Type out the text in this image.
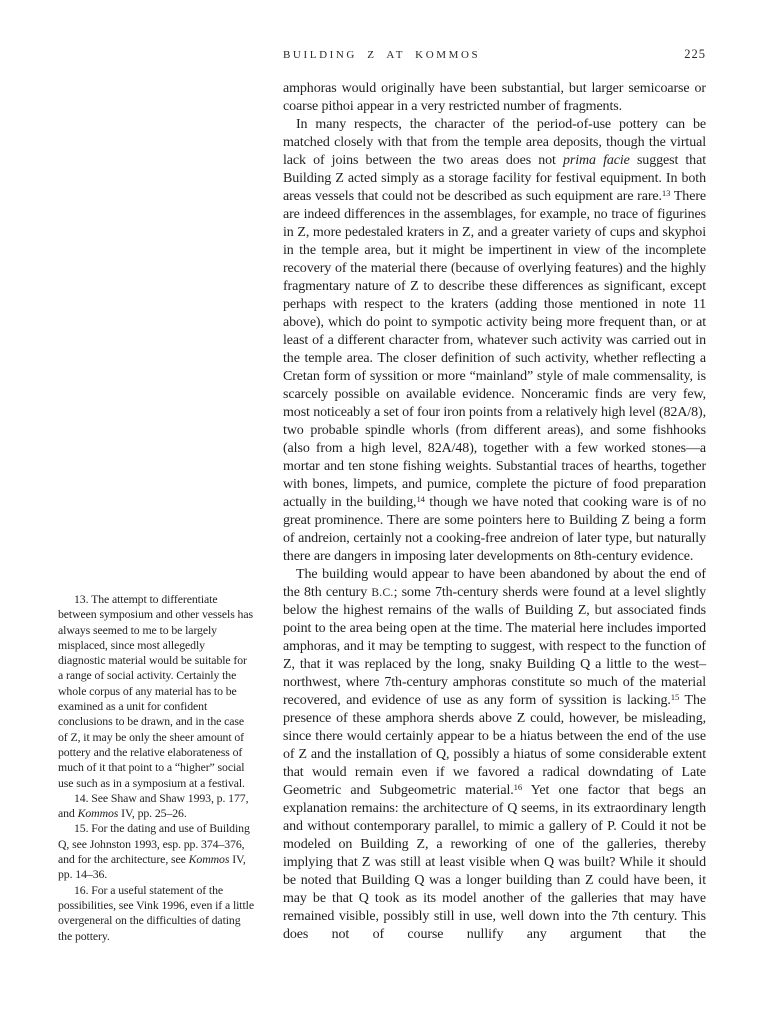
BUILDING Z AT KOMMOS	225

amphoras would originally have been substantial, but larger semicoarse or coarse pithoi appear in a very restricted number of fragments.

In many respects, the character of the period-of-use pottery can be matched closely with that from the temple area deposits, though the virtual lack of joins between the two areas does not prima facie suggest that Building Z acted simply as a storage facility for festival equipment. In both areas vessels that could not be described as such equipment are rare.$^{13}$ There are indeed differences in the assemblages, for example, no trace of figurines in Z, more pedestaled kraters in Z, and a greater variety of cups and skyphoi in the temple area, but it might be impertinent in view of the incomplete recovery of the material there (because of overlying features) and the highly fragmentary nature of Z to describe these differences as significant, except perhaps with respect to the kraters (adding those mentioned in note 11 above), which do point to sympotic activity being more frequent than, or at least of a different character from, whatever such activity was carried out in the temple area. The closer definition of such activity, whether reflecting a Cretan form of syssition or more “mainland” style of male commensality, is scarcely possible on available evidence. Nonceramic finds are very few, most noticeably a set of four iron points from a relatively high level (82A/8), two probable spindle whorls (from different areas), and some fishhooks (also from a high level, 82A/48), together with a few worked stones—a mortar and ten stone fishing weights. Substantial traces of hearths, together with bones, limpets, and pumice, complete the picture of food preparation actually in the building,$^{14}$ though we have noted that cooking ware is of no great prominence. There are some pointers here to Building Z being a form of andreion, certainly not a cooking-free andreion of later type, but naturally there are dangers in imposing later developments on 8th-century evidence.

The building would appear to have been abandoned by about the end of the 8th century B.C.; some 7th-century sherds were found at a level slightly below the highest remains of the walls of Building Z, but associated finds point to the area being open at the time. The material here includes imported amphoras, and it may be tempting to suggest, with respect to the function of Z, that it was replaced by the long, snaky Building Q a little to the west–northwest, where 7th-century amphoras constitute so much of the material recovered, and evidence of use as any form of syssition is lacking.$^{15}$ The presence of these amphora sherds above Z could, however, be misleading, since there would certainly appear to be a hiatus between the end of the use of Z and the installation of Q, possibly a hiatus of some considerable extent that would remain even if we favored a radical downdating of Late Geometric and Subgeometric material.$^{16}$ Yet one factor that begs an explanation remains: the architecture of Q seems, in its extraordinary length and without contemporary parallel, to mimic a gallery of P. Could it not be modeled on Building Z, a reworking of one of the galleries, thereby implying that Z was still at least visible when Q was built? While it should be noted that Building Q was a longer building than Z could have been, it may be that Q took as its model another of the galleries that may have remained visible, possibly still in use, well down into the 7th century. This does not of course nullify any argument that the

13. The attempt to differentiate between symposium and other vessels has always seemed to me to be largely misplaced, since most allegedly diagnostic material would be suitable for a range of social activity. Certainly the whole corpus of any material has to be examined as a unit for confident conclusions to be drawn, and in the case of Z, it may be only the sheer amount of pottery and the relative elaborateness of much of it that point to a “higher” social use such as in a symposium at a festival.

14. See Shaw and Shaw 1993, p. 177, and Kommos IV, pp. 25–26.

15. For the dating and use of Building Q, see Johnston 1993, esp. pp. 374–376, and for the architecture, see Kommos IV, pp. 14–36.

16. For a useful statement of the possibilities, see Vink 1996, even if a little overgeneral on the difficulties of dating the pottery.
